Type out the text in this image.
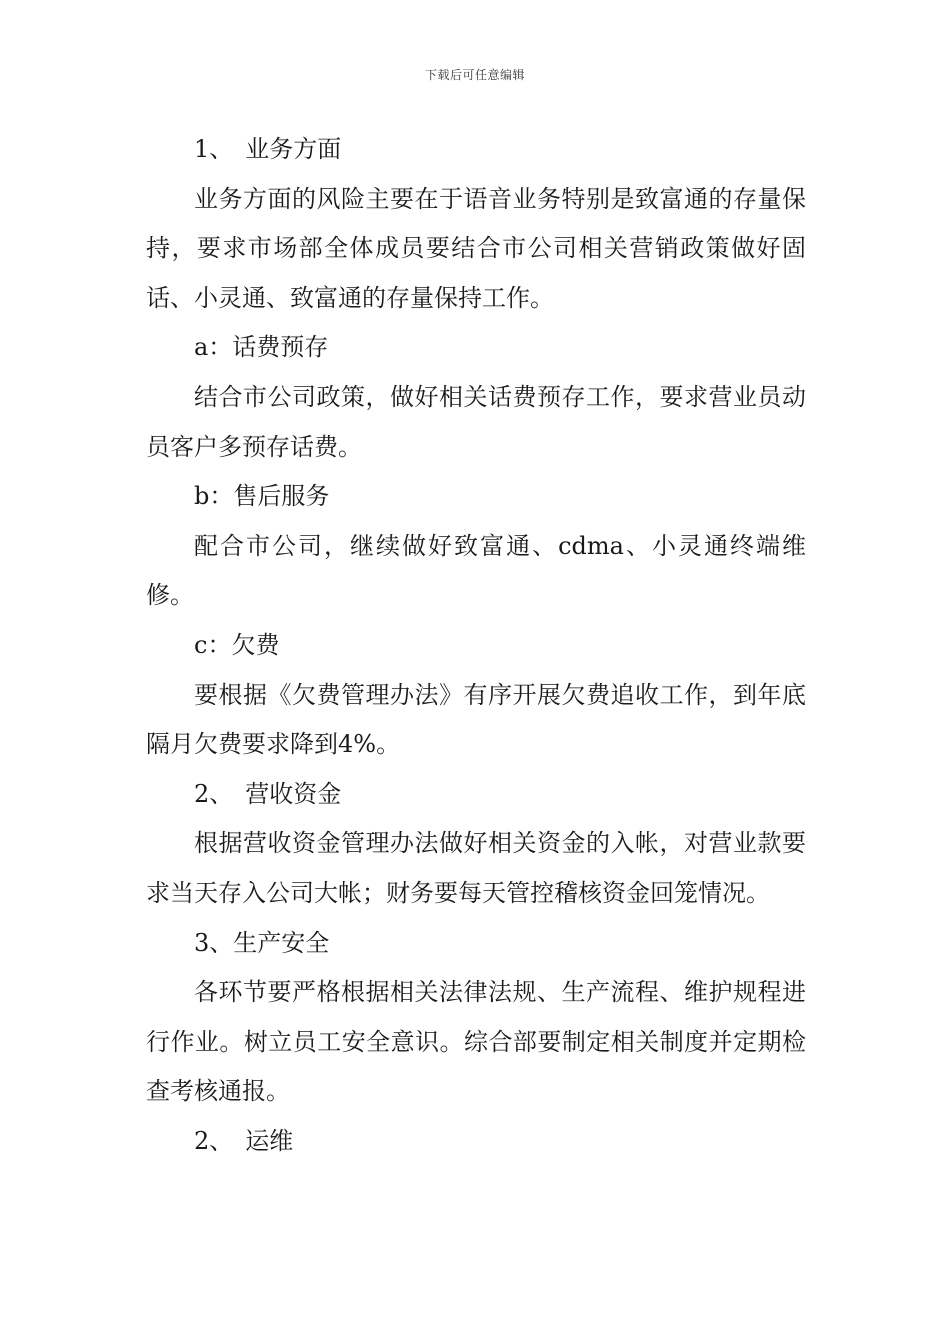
下载后可任意编辑

1、　业务方面

业务方面的风险主要在于语音业务特别是致富通的存量保持，要求市场部全体成员要结合市公司相关营销政策做好固话、小灵通、致富通的存量保持工作。

a：话费预存

结合市公司政策，做好相关话费预存工作，要求营业员动员客户多预存话费。

b：售后服务

配合市公司，继续做好致富通、cdma、小灵通终端维修。

c：欠费

要根据《欠费管理办法》有序开展欠费追收工作，到年底隔月欠费要求降到4%。

2、　营收资金

根据营收资金管理办法做好相关资金的入帐，对营业款要求当天存入公司大帐；财务要每天管控稽核资金回笼情况。

3、生产安全

各环节要严格根据相关法律法规、生产流程、维护规程进行作业。树立员工安全意识。综合部要制定相关制度并定期检查考核通报。

2、　运维
